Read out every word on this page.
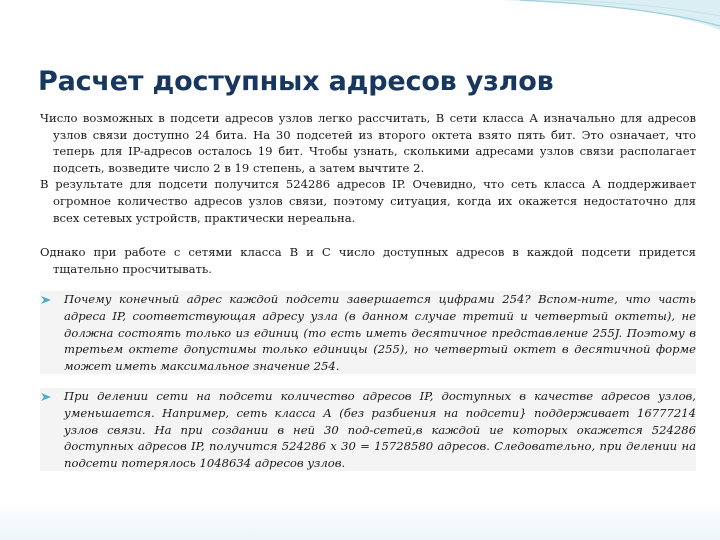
Расчет доступных адресов узлов

Число возможных в подсети адресов узлов легко рассчитать, В сети класса А изначально для адресов узлов связи доступно 24 бита. На 30 подсетей из второго октета взято пять бит. Это означает, что теперь для IP-адресов осталось 19 бит. Чтобы узнать, сколькими адресами узлов связи располагает подсеть, возведите число 2 в 19 степень, а затем вычтите 2.

В результате для подсети получится 524286 адресов IP. Очевидно, что сеть класса А поддерживает огромное количество адресов узлов связи, поэтому ситуация, когда их окажется недостаточно для всех сетевых устройств, практически нереальна.

Однако при работе с сетями класса В и С число доступных адресов в каждой подсети придется тщательно просчитывать.

Почему конечный адрес каждой подсети завершается цифрами 254? Вспом-ните, что часть адреса IP, соответствующая адресу узла (в данном случае третий и четвертый октеты), не должна состоять только из единиц (то есть иметь десятичное представление 255J. Поэтому в третьем октете допустимы только единицы (255), но четвертый октет в десятичной форме может иметь максимальное значение 254.

При делении сети на подсети количество адресов IP, доступных в качестве адресов узлов, уменьшается. Например, сеть класса А (без разбиения на подсети} поддерживает 16777214 узлов связи. На при создании в ней 30 под-сетей,в каждой ие которых окажется 524286 доступных адресов IP, получится 524286 х 30 = 15728580 адресов. Следовательно, при делении на подсети потерялось 1048634 адресов узлов.
